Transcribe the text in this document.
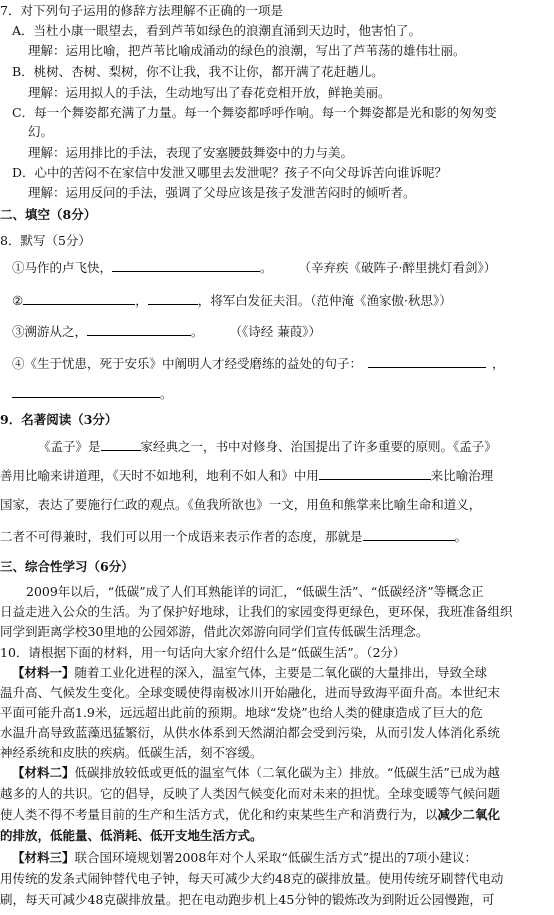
7．对下列句子运用的修辞方法理解不正确的一项是
A．当杜小康一眼望去，看到芦苇如绿色的浪潮直涌到天边时，他害怕了。
理解：运用比喻，把芦苇比喻成涌动的绿色的浪潮，写出了芦苇荡的雄伟壮丽。
B．桃树、杏树、梨树，你不让我，我不让你，都开满了花赶趟儿。
理解：运用拟人的手法，生动地写出了春花竞相开放，鲜艳美丽。
C．每一个舞姿都充满了力量。每一个舞姿都呼呼作响。每一个舞姿都是光和影的匆匆变
幻。
理解：运用排比的手法，表现了安塞腰鼓舞姿中的力与美。
D．心中的苦闷不在家信中发泄又哪里去发泄呢？孩子不向父母诉苦向谁诉呢？
理解：运用反问的手法，强调了父母应该是孩子发泄苦闷时的倾听者。
二、填空（8分）
8．默写（5分）
①马作的卢飞快，	。 （辛弃疾《破阵子·醉里挑灯看剑》）
②	，	，将军白发征夫泪。（范仲淹《渔家傲·秋思》）
③溯游从之，	。 （《诗经 蒹葭》）
④《生于忧患，死于安乐》中阐明人才经受磨练的益处的句子：	，
。
9．名著阅读（3分）
《孟子》是	家经典之一，书中对修身、治国提出了许多重要的原则。《孟子》
善用比喻来讲道理，《天时不如地利，地利不如人和》中用	来比喻治理
国家，表达了要施行仁政的观点。《鱼我所欲也》一文，用鱼和熊掌来比喻生命和道义，
二者不可得兼时，我们可以用一个成语来表示作者的态度，那就是	。
三、综合性学习（6分）
2009年以后，“低碳”成了人们耳熟能详的词汇，“低碳生活”、“低碳经济”等概念正
日益走进入公众的生活。为了保护好地球，让我们的家园变得更绿色，更环保，我班准备组织
同学到距离学校30里地的公园郊游，借此次郊游向同学们宣传低碳生活理念。
10．请根据下面的材料，用一句话向大家介绍什么是“低碳生活”。（2分）
【材料一】随着工业化进程的深入，温室气体，主要是二氧化碳的大量排出，导致全球
温升高、气候发生变化。全球变暖使得南极冰川开始融化，进而导致海平面升高。本世纪末
平面可能升高1.9米，远远超出此前的预期。地球“发烧”也给人类的健康造成了巨大的危
水温升高导致蓝藻迅猛繁衍，从供水体系到天然湖泊都会受到污染，从而引发人体消化系统
神经系统和皮肤的疾病。低碳生活，刻不容缓。
【材料二】低碳排放较低或更低的温室气体（二氧化碳为主）排放。“低碳生活”已成为越
越多的人的共识。它的倡导，反映了人类因气候变化而对未来的担忧。全球变暖等气候问题
使人类不得不考量目前的生产和生活方式，优化和约束某些生产和消费行为，以减少二氧化
的排放，低能量、低消耗、低开支地生活方式。
【材料三】联合国环境规划署2008年对个人采取“低碳生活方式”提出的7项小建议：
用传统的发条式闹钟替代电子钟，每天可减少大约48克的碳排放量。使用传统牙刷替代电动
刷，每天可减少48克碳排放量。把在电动跑步机上45分钟的锻炼改为到附近公园慢跑，可
